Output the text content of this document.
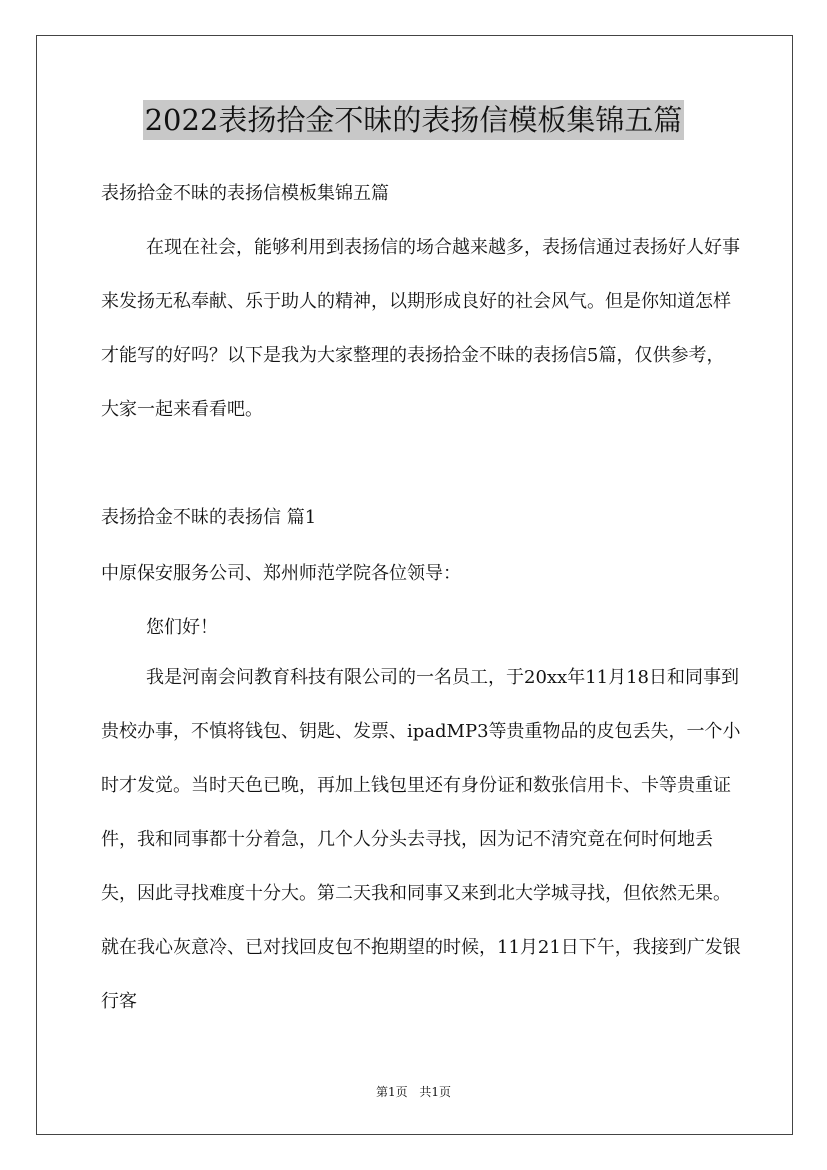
2022表扬拾金不昧的表扬信模板集锦五篇

表扬拾金不昧的表扬信模板集锦五篇

在现在社会，能够利用到表扬信的场合越来越多，表扬信通过表扬好人好事来发扬无私奉献、乐于助人的精神，以期形成良好的社会风气。但是你知道怎样才能写的好吗？以下是我为大家整理的表扬拾金不昧的表扬信5篇，仅供参考，大家一起来看看吧。

表扬拾金不昧的表扬信 篇1

中原保安服务公司、郑州师范学院各位领导：

您们好！

我是河南会问教育科技有限公司的一名员工，于20xx年11月18日和同事到贵校办事，不慎将钱包、钥匙、发票、ipadMP3等贵重物品的皮包丢失，一个小时才发觉。当时天色已晚，再加上钱包里还有身份证和数张信用卡、卡等贵重证件，我和同事都十分着急，几个人分头去寻找，因为记不清究竟在何时何地丢失，因此寻找难度十分大。第二天我和同事又来到北大学城寻找，但依然无果。就在我心灰意冷、已对找回皮包不抱期望的时候，11月21日下午，我接到广发银行客

第1页 共1页
